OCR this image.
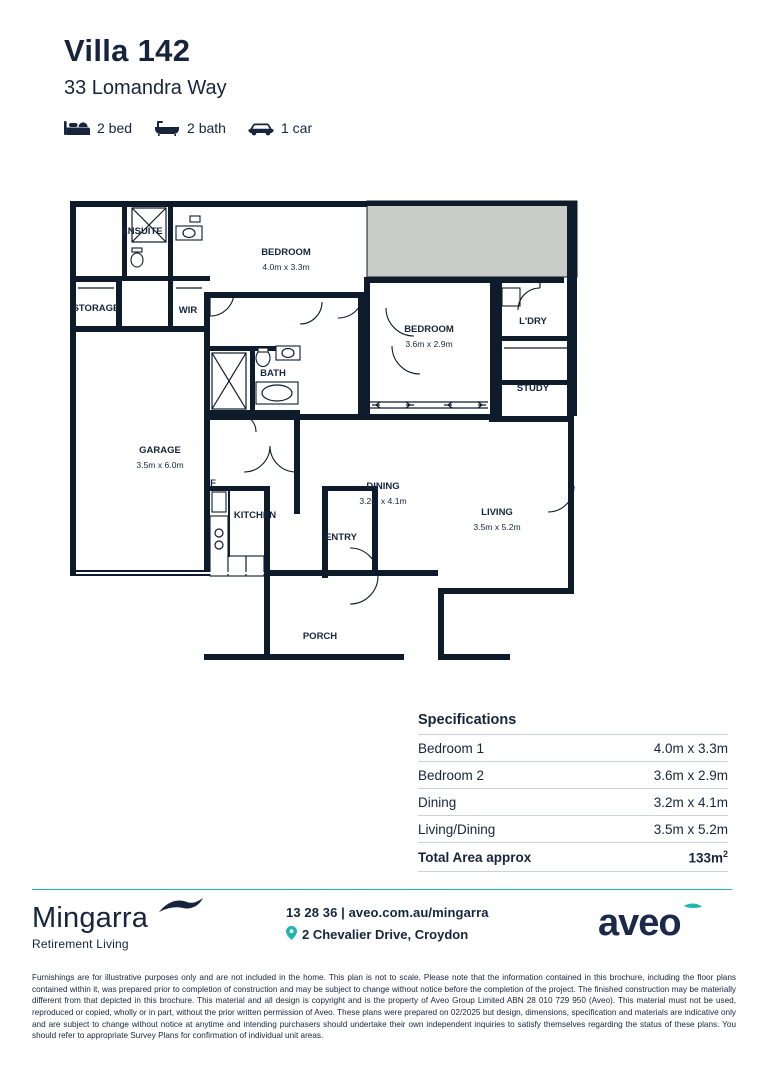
Villa 142
33 Lomandra Way
2 bed	2 bath	1 car
ENSUITE
STORAGE	WIR
BEDROOM
4.0m x 3.3m
BEDROOM
3.6m x 2.9m
L'DRY
STUDY
BATH
GARAGE
3.5m x 6.0m
KITCHEN
F	DINING
3.2m x 4.1m
ENTRY
LIVING
3.5m x 5.2m
PORCH
Specifications
Bedroom 1	4.0m x 3.3m
Bedroom 2	3.6m x 2.9m
Dining	3.2m x 4.1m
Living/Dining	3.5m x 5.2m
Total Area approx	$133m^2$
Mingarra
Retirement Living
13 28 36 | aveo.com.au/mingarra
2 Chevalier Drive, Croydon	aveo
Furnishings are for illustrative purposes only and are not included in the home. This plan is not to scale. Please note that the information contained in this brochure, including the floor plans contained within it, was prepared prior to completion of construction and may be subject to change without notice before the completion of the project. The finished construction may be materially different from that depicted in this brochure. This material and all design is copyright and is the property of Aveo Group Limited ABN 28 010 729 950 (Aveo). This material must not be used, reproduced or copied, wholly or in part, without the prior written permission of Aveo. These plans were prepared on 02/2025 but design, dimensions, specification and materials are indicative only and are subject to change without notice at anytime and intending purchasers should undertake their own independent inquiries to satisfy themselves regarding the status of these plans. You should refer to appropriate Survey Plans for confirmation of individual unit areas.
